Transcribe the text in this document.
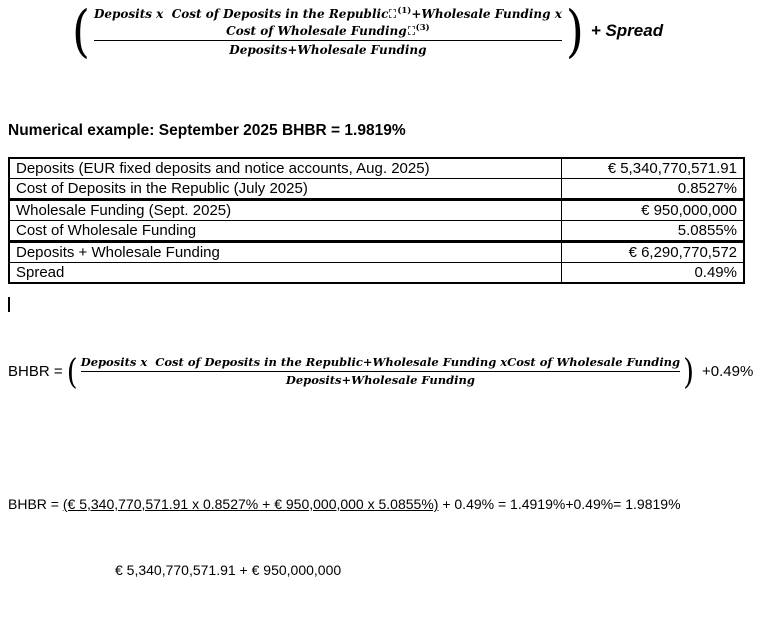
( Deposits x  Cost of Deposits in the Republic $^{(1)}$+Wholesale Funding x
Cost of Wholesale Funding $^{(3)}$
Deposits+Wholesale Funding	) + Spread
Numerical example: September 2025 BHBR = 1.9819%
Deposits (EUR fixed deposits and notice accounts, Aug. 2025)	€ 5,340,770,571.91
Cost of Deposits in the Republic (July 2025)	0.8527%
Wholesale Funding (Sept. 2025)	€ 950,000,000
Cost of Wholesale Funding	5.0855%
Deposits + Wholesale Funding	€ 6,290,770,572
Spread	0.49%
BHBR = ( Deposits x  Cost of Deposits in the Republic+Wholesale Funding xCost of Wholesale Funding
Deposits+Wholesale Funding	) +0.49%

BHBR = (€ 5,340,770,571.91 x 0.8527% + € 950,000,000 x 5.0855%) + 0.49% = 1.4919%+0.49%= 1.9819%

€ 5,340,770,571.91 + € 950,000,000
